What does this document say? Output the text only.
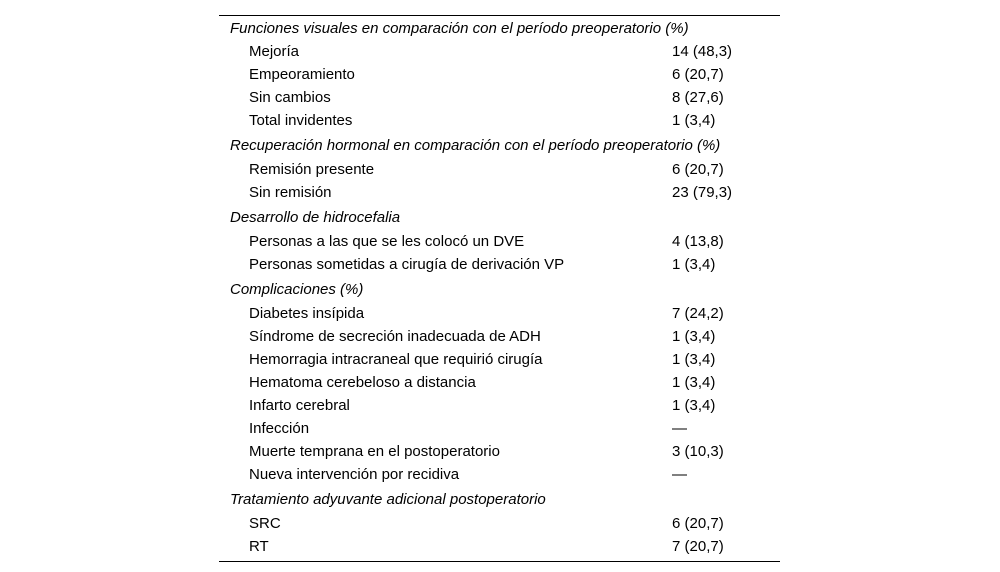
Funciones visuales en comparación con el período preoperatorio (%)	
Mejoría	14 (48,3)
Empeoramiento	6 (20,7)
Sin cambios	8 (27,6)
Total invidentes	1 (3,4)
Recuperación hormonal en comparación con el período preoperatorio (%)	
Remisión presente	6 (20,7)
Sin remisión	23 (79,3)
Desarrollo de hidrocefalia	
Personas a las que se les colocó un DVE	4 (13,8)
Personas sometidas a cirugía de derivación VP	1 (3,4)
Complicaciones (%)	
Diabetes insípida	7 (24,2)
Síndrome de secreción inadecuada de ADH	1 (3,4)
Hemorragia intracraneal que requirió cirugía	1 (3,4)
Hematoma cerebeloso a distancia	1 (3,4)
Infarto cerebral	1 (3,4)
Infección	—
Muerte temprana en el postoperatorio	3 (10,3)
Nueva intervención por recidiva	—
Tratamiento adyuvante adicional postoperatorio	
SRC	6 (20,7)
RT	7 (20,7)
